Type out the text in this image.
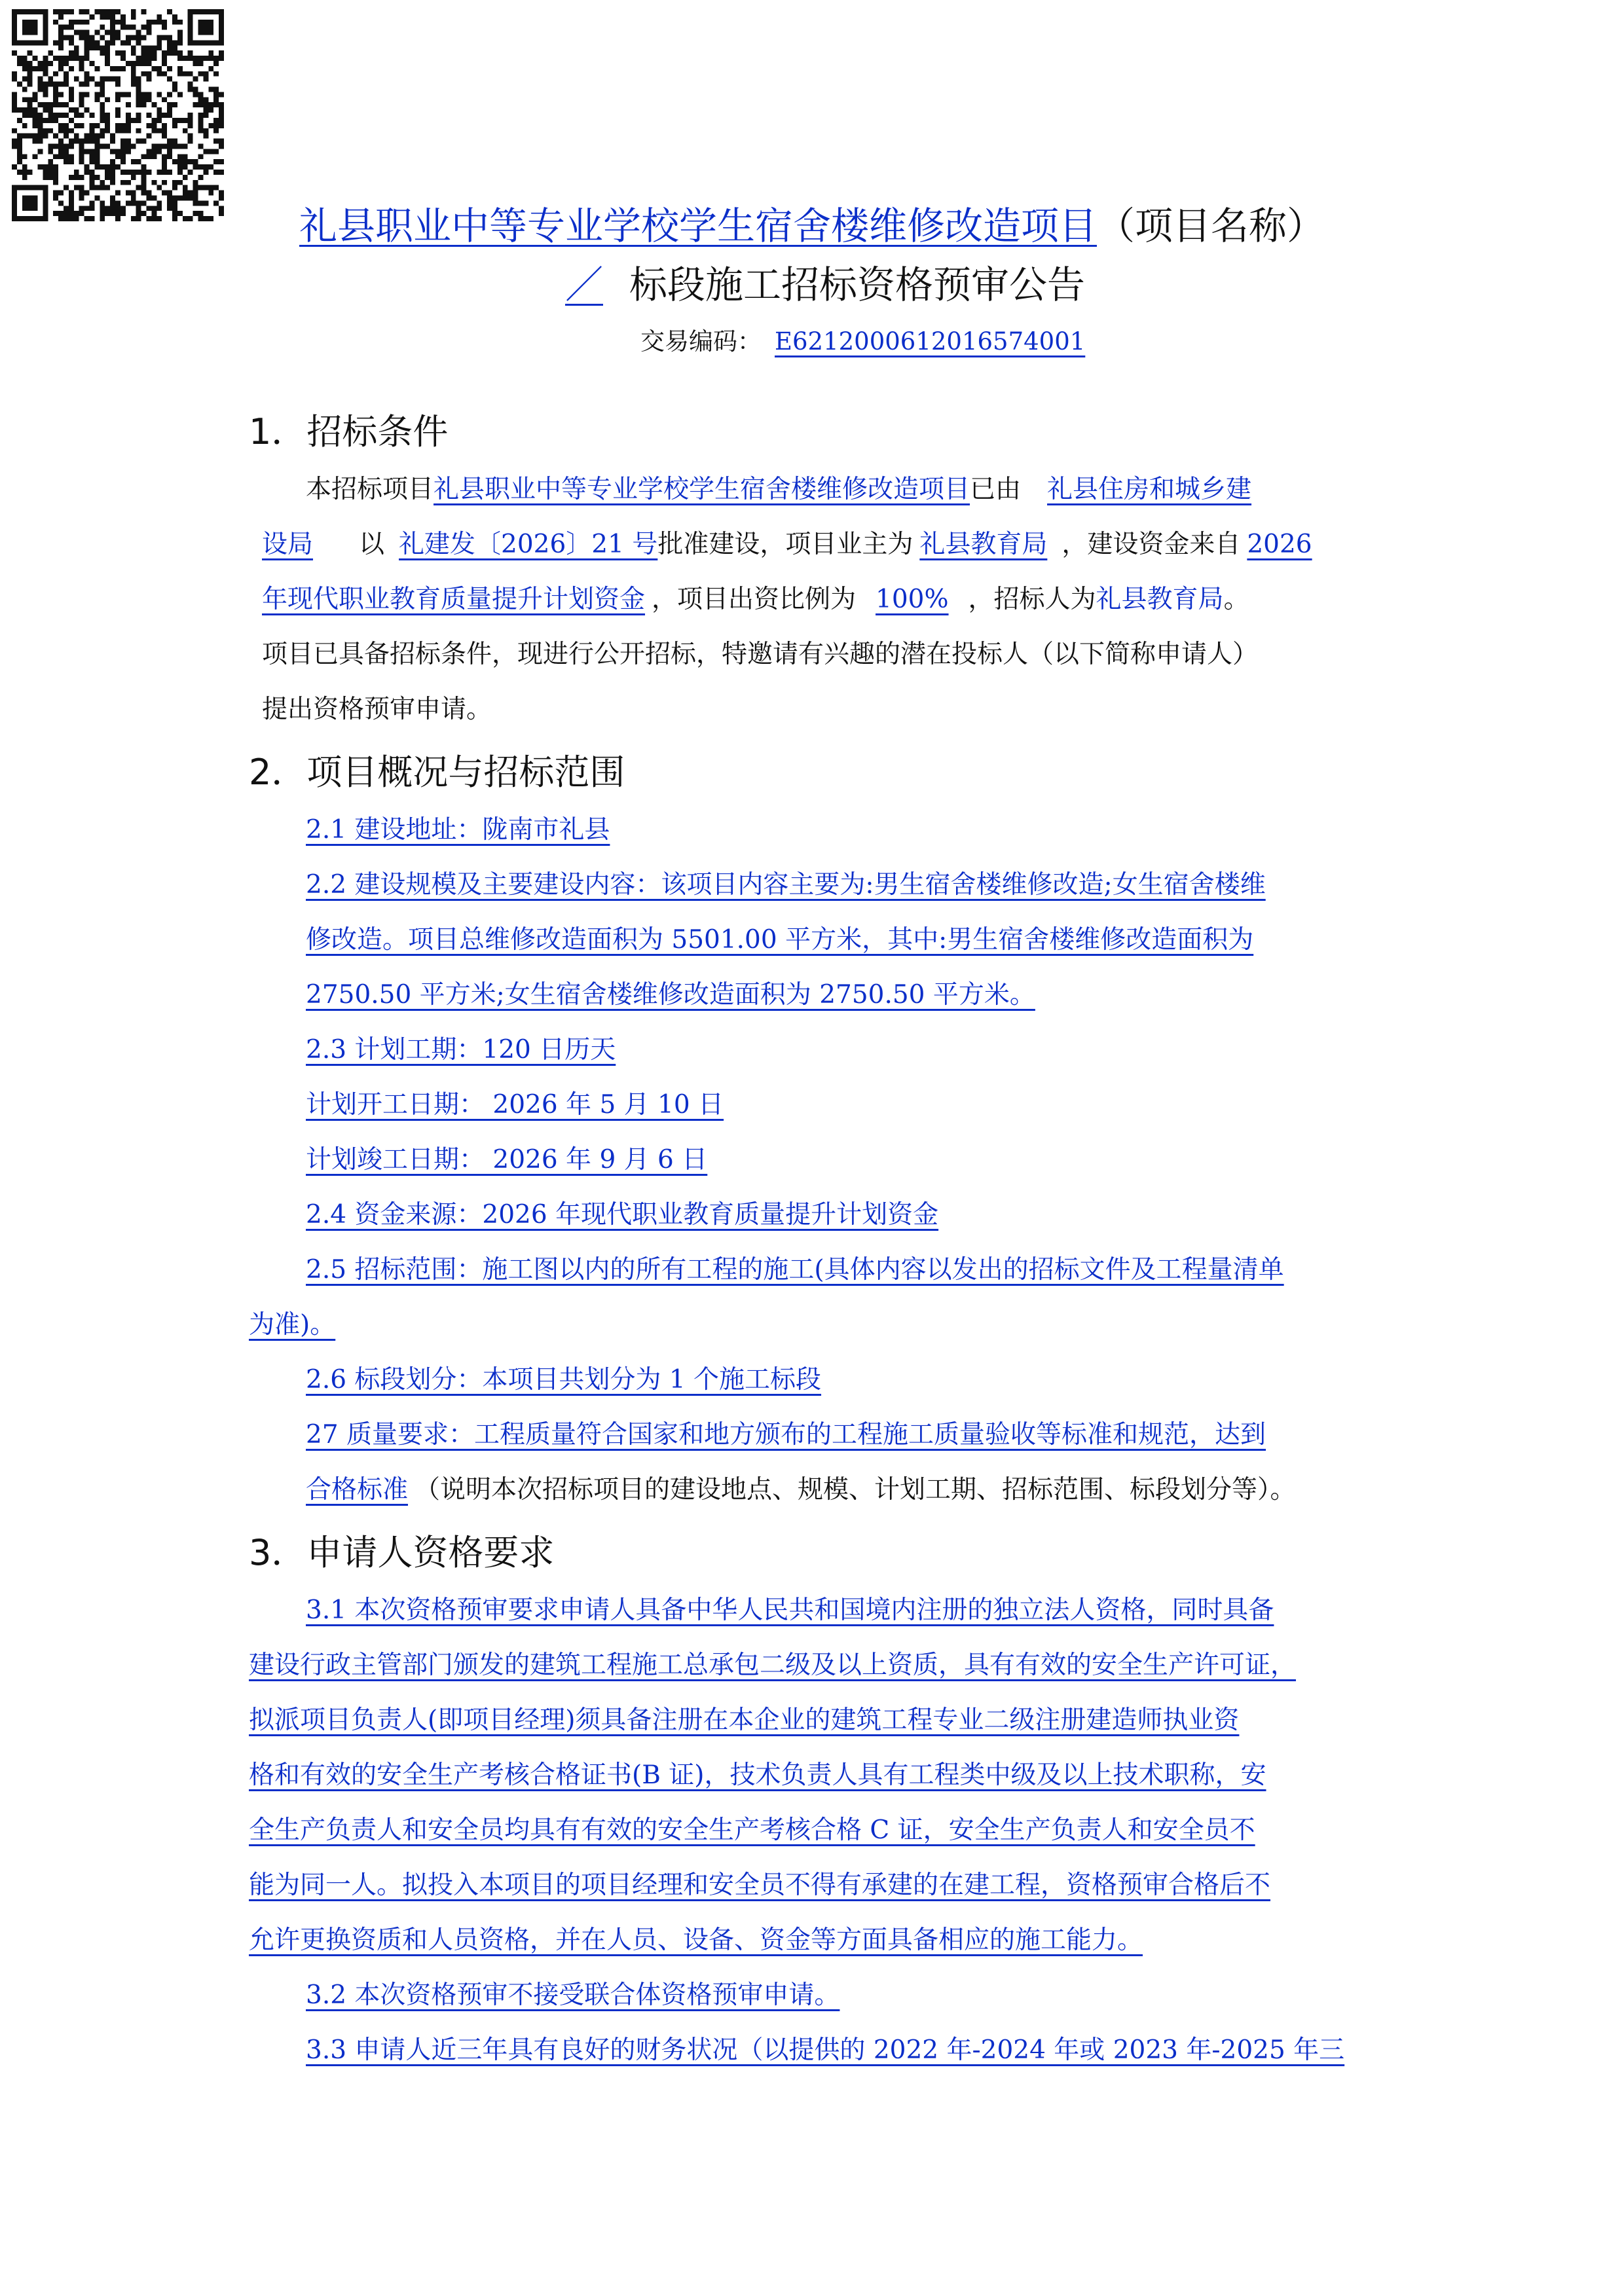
礼县职业中等专业学校学生宿舍楼维修改造项目（项目名称）
／ 标段施工招标资格预审公告
交易编码： E6212000612016574001
1．招标条件
本招标项目礼县职业中等专业学校学生宿舍楼维修改造项目已由 礼县住房和城乡建
设局 以 礼建发〔2026〕21 号批准建设，项目业主为 礼县教育局 ，建设资金来自 2026
年现代职业教育质量提升计划资金 ，项目出资比例为 100% ，招标人为礼县教育局。
项目已具备招标条件，现进行公开招标，特邀请有兴趣的潜在投标人（以下简称申请人）
提出资格预审申请。
2．项目概况与招标范围
2.1 建设地址：陇南市礼县
2.2 建设规模及主要建设内容：该项目内容主要为:男生宿舍楼维修改造;女生宿舍楼维
修改造。项目总维修改造面积为 5501.00 平方米，其中:男生宿舍楼维修改造面积为
2750.50 平方米;女生宿舍楼维修改造面积为 2750.50 平方米。
2.3 计划工期：120 日历天
计划开工日期： 2026 年 5 月 10 日
计划竣工日期： 2026 年 9 月 6 日
2.4 资金来源：2026 年现代职业教育质量提升计划资金
2.5 招标范围：施工图以内的所有工程的施工(具体内容以发出的招标文件及工程量清单
为准)。
2.6 标段划分：本项目共划分为 1 个施工标段
27 质量要求：工程质量符合国家和地方颁布的工程施工质量验收等标准和规范，达到
合格标准 （说明本次招标项目的建设地点、规模、计划工期、招标范围、标段划分等）。
3．申请人资格要求
3.1 本次资格预审要求申请人具备中华人民共和国境内注册的独立法人资格，同时具备
建设行政主管部门颁发的建筑工程施工总承包二级及以上资质，具有有效的安全生产许可证，
拟派项目负责人(即项目经理)须具备注册在本企业的建筑工程专业二级注册建造师执业资
格和有效的安全生产考核合格证书(B 证)，技术负责人具有工程类中级及以上技术职称，安
全生产负责人和安全员均具有有效的安全生产考核合格 C 证，安全生产负责人和安全员不
能为同一人。拟投入本项目的项目经理和安全员不得有承建的在建工程，资格预审合格后不
允许更换资质和人员资格，并在人员、设备、资金等方面具备相应的施工能力。
3.2 本次资格预审不接受联合体资格预审申请。
3.3 申请人近三年具有良好的财务状况（以提供的 2022 年-2024 年或 2023 年-2025 年三
